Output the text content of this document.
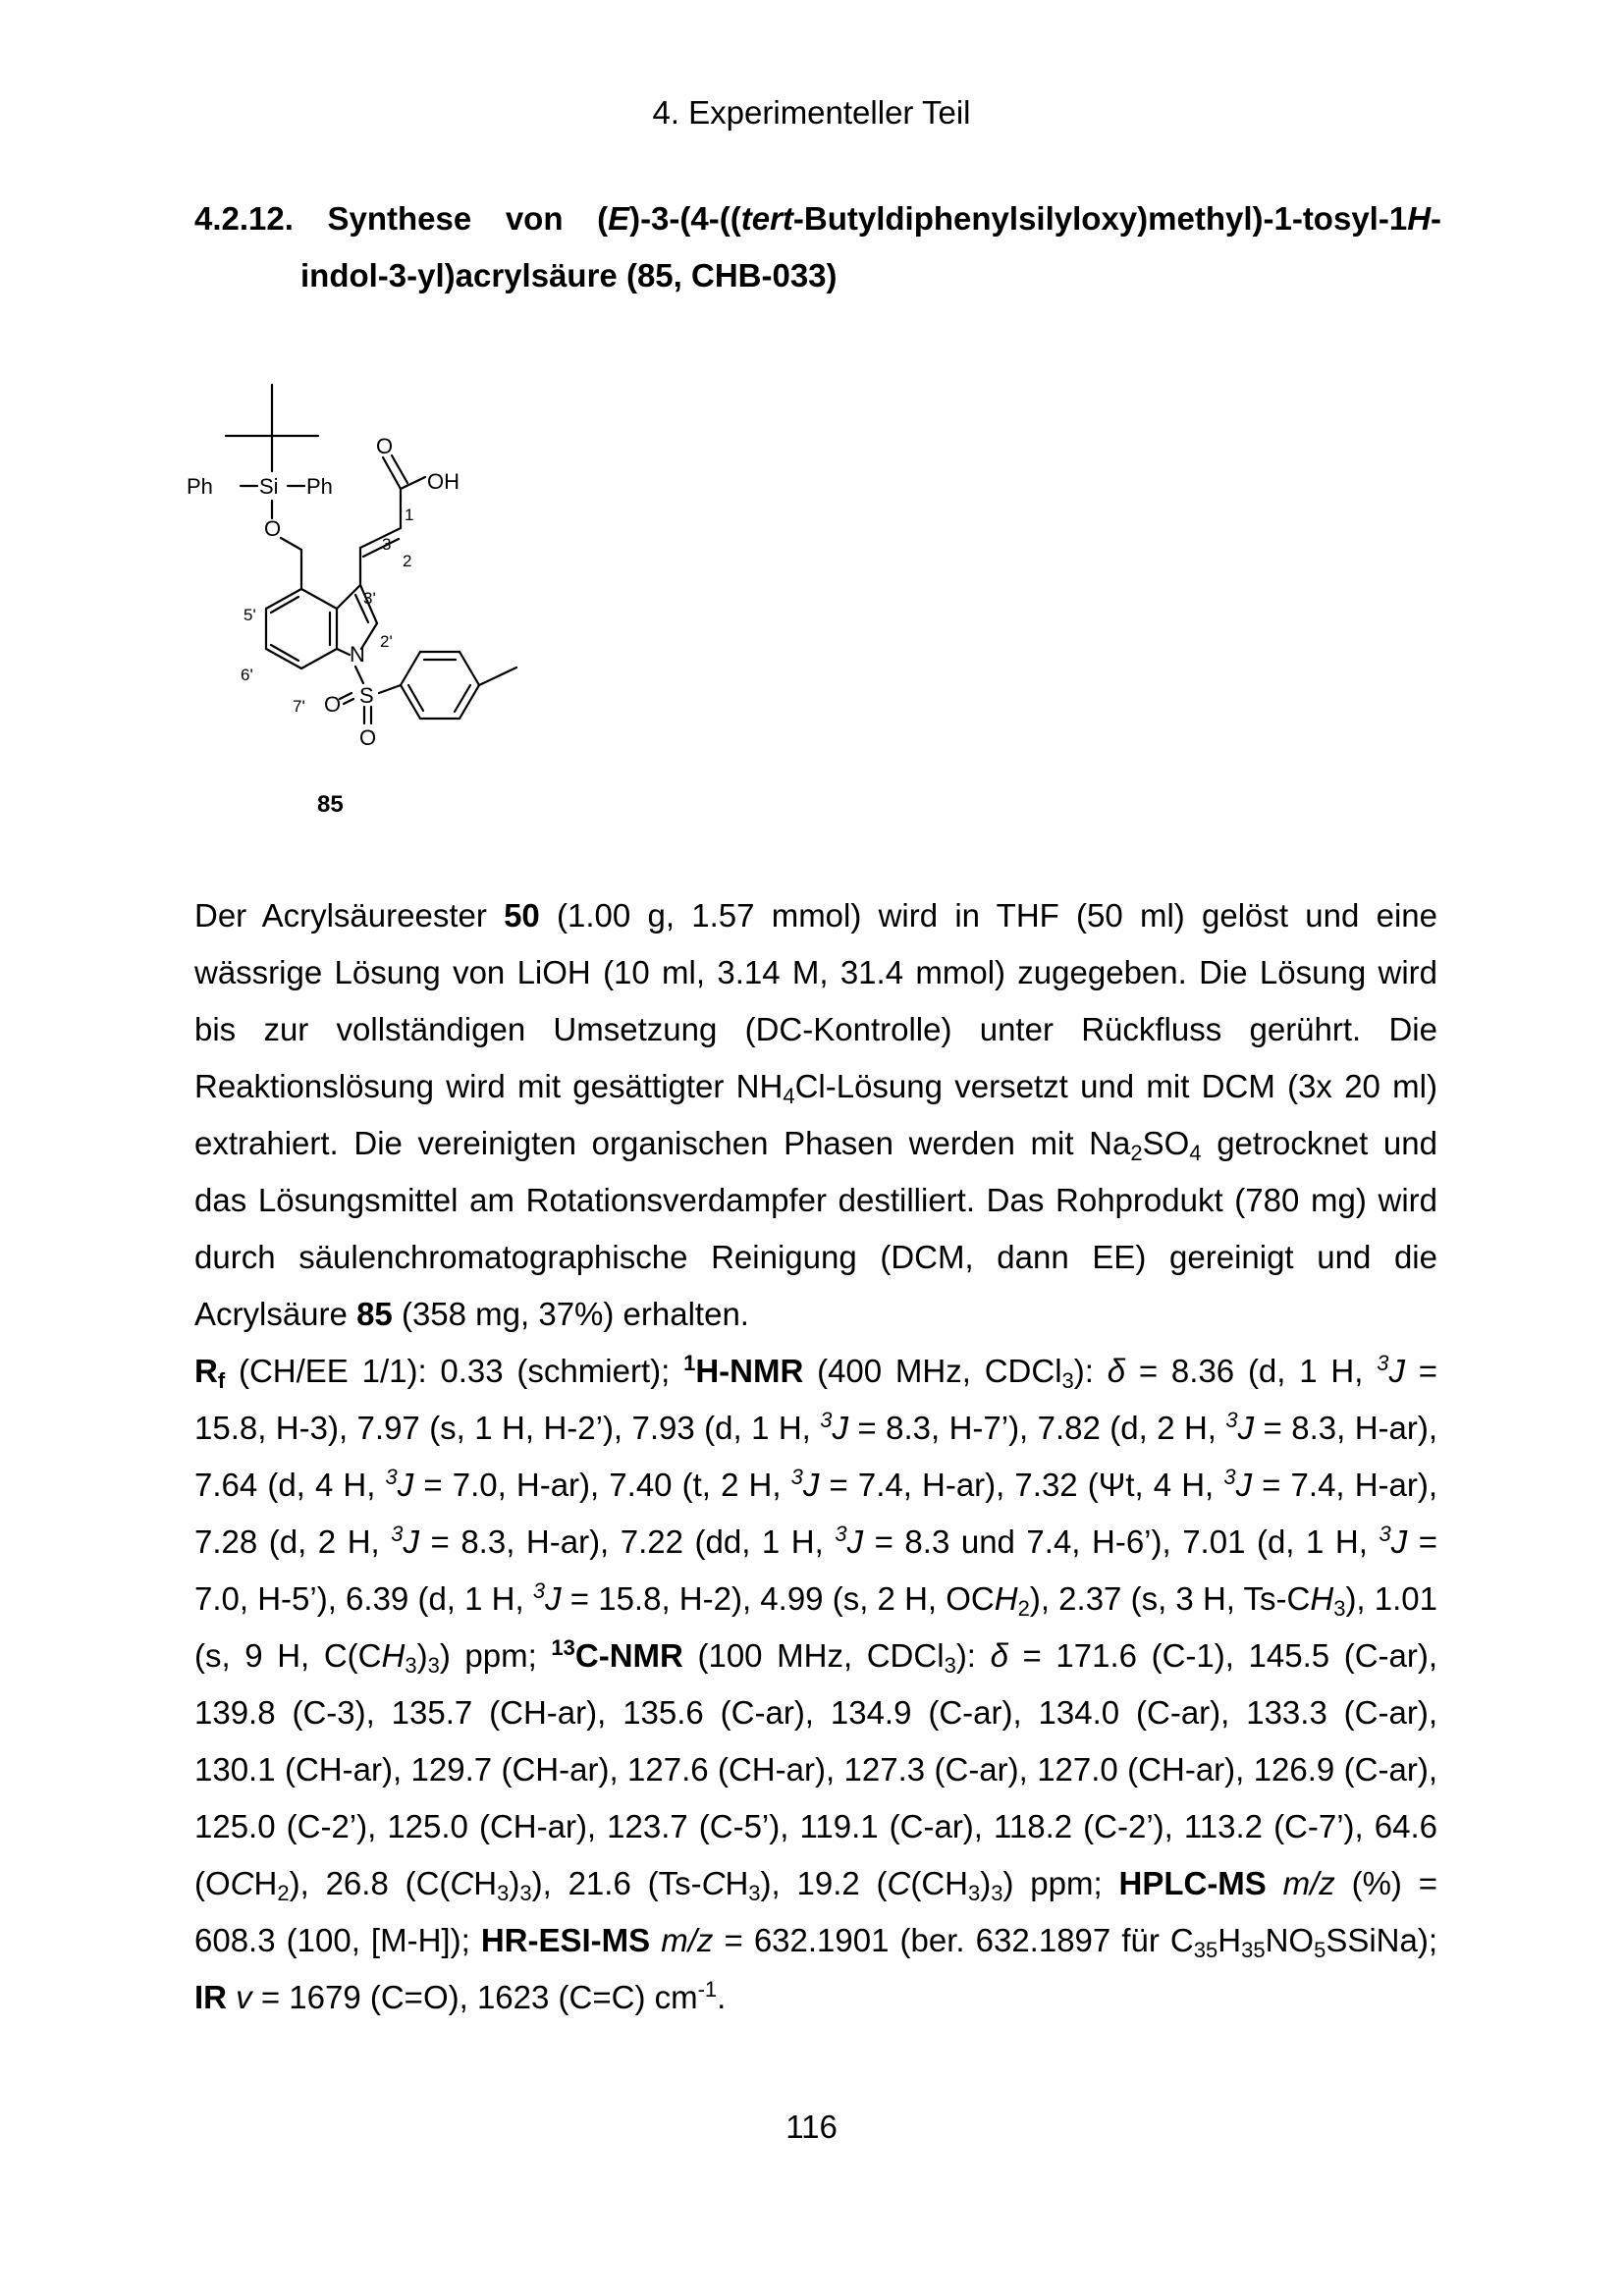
4. Experimenteller Teil
4.2.12. Synthese von (E)-3-(4-((tert-Butyldiphenylsilyloxy)methyl)-1-tosyl-1H-
indol-3-yl)acrylsäure (85, CHB-033)
Ph Si Ph
O
O
OH
N
S
O
O
1
2
3
3'
2'
5'
6'
7'
85

Der Acrylsäureester 50 (1.00 g, 1.57 mmol) wird in THF (50 ml) gelöst und eine wässrige Lösung von LiOH (10 ml, 3.14 M, 31.4 mmol) zugegeben. Die Lösung wird bis zur vollständigen Umsetzung (DC-Kontrolle) unter Rückfluss gerührt. Die Reaktionslösung wird mit gesättigter $NH_4Cl$-Lösung versetzt und mit DCM (3x 20 ml) extrahiert. Die vereinigten organischen Phasen werden mit $Na_2SO_4$ getrocknet und das Lösungsmittel am Rotationsverdampfer destilliert. Das Rohprodukt (780 mg) wird durch säulenchromatographische Reinigung (DCM, dann EE) gereinigt und die Acrylsäure 85 (358 mg, 37%) erhalten.

$R_f$ (CH/EE 1/1): 0.33 (schmiert); $^1$H-NMR (400 MHz, CDCl$_3$): δ = 8.36 (d, 1 H, $^3$J = 15.8, H-3), 7.97 (s, 1 H, H-2’), 7.93 (d, 1 H, $^3$J = 8.3, H-7’), 7.82 (d, 2 H, $^3$J = 8.3, H-ar), 7.64 (d, 4 H, $^3$J = 7.0, H-ar), 7.40 (t, 2 H, $^3$J = 7.4, H-ar), 7.32 (Ψt, 4 H, $^3$J = 7.4, H-ar), 7.28 (d, 2 H, $^3$J = 8.3, H-ar), 7.22 (dd, 1 H, $^3$J = 8.3 und 7.4, H-6’), 7.01 (d, 1 H, $^3$J = 7.0, H-5’), 6.39 (d, 1 H, $^3$J = 15.8, H-2), 4.99 (s, 2 H, $OCH_2$), 2.37 (s, 3 H, $Ts-CH_3$), 1.01 (s, 9 H, $C(CH_3)_3$) ppm; $^{13}$C-NMR (100 MHz, CDCl$_3$): δ = 171.6 (C-1), 145.5 (C-ar), 139.8 (C-3), 135.7 (CH-ar), 135.6 (C-ar), 134.9 (C-ar), 134.0 (C-ar), 133.3 (C-ar), 130.1 (CH-ar), 129.7 (CH-ar), 127.6 (CH-ar), 127.3 (C-ar), 127.0 (CH-ar), 126.9 (C-ar), 125.0 (C-2’), 125.0 (CH-ar), 123.7 (C-5’), 119.1 (C-ar), 118.2 (C-2’), 113.2 (C-7’), 64.6 $(OCH_2)$, 26.8 $(C(CH_3)_3)$, 21.6 $(Ts-CH_3)$, 19.2 $(C(CH_3)_3)$ ppm; HPLC-MS m/z (%) = 608.3 (100, [M-H]); HR-ESI-MS m/z = 632.1901 (ber. 632.1897 für $C_{35}H_{35}NO_5SSiNa$); IR v = 1679 (C=O), 1623 (C=C) $cm^{-1}$.

116
